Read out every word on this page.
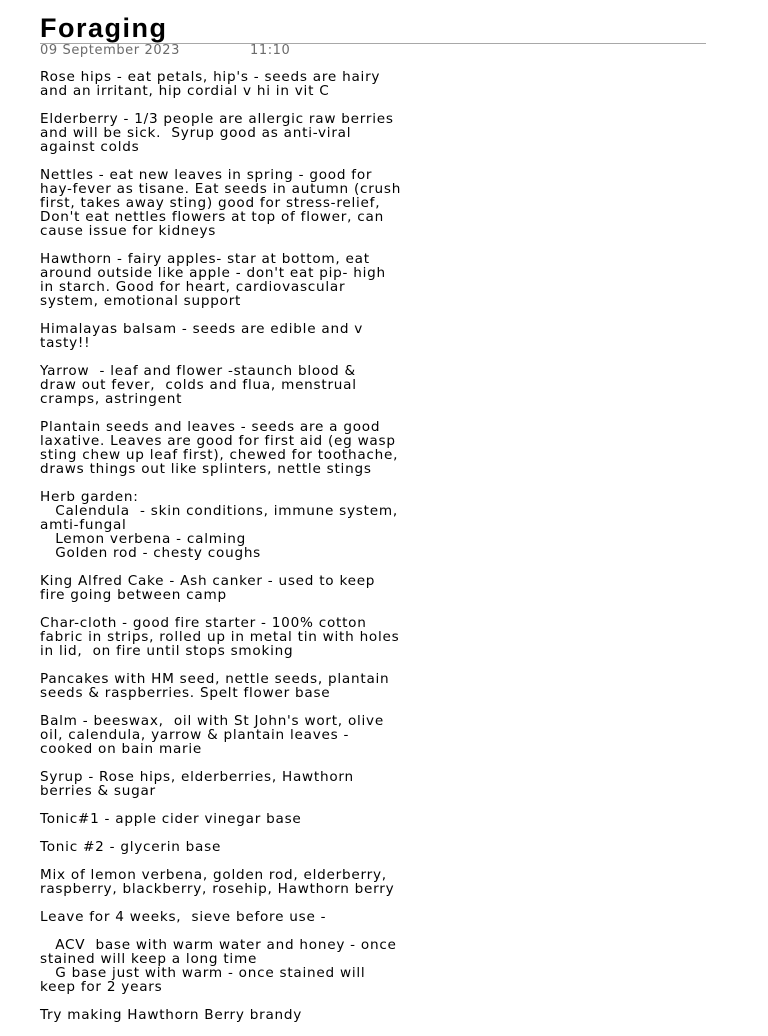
Foraging
09 September 2023	11:10
Rose hips - eat petals, hip's - seeds are hairy
and an irritant, hip cordial v hi in vit C
Elderberry - 1/3 people are allergic raw berries
and will be sick.  Syrup good as anti-viral
against colds
Nettles - eat new leaves in spring - good for
hay-fever as tisane. Eat seeds in autumn (crush
first, takes away sting) good for stress-relief,
Don't eat nettles flowers at top of flower, can
cause issue for kidneys
Hawthorn - fairy apples- star at bottom, eat
around outside like apple - don't eat pip- high
in starch. Good for heart, cardiovascular
system, emotional support
Himalayas balsam - seeds are edible and v
tasty!!
Yarrow  - leaf and flower -staunch blood &
draw out fever,  colds and flua, menstrual
cramps, astringent
Plantain seeds and leaves - seeds are a good
laxative. Leaves are good for first aid (eg wasp
sting chew up leaf first), chewed for toothache,
draws things out like splinters, nettle stings
Herb garden:
Calendula  - skin conditions, immune system,
amti-fungal
Lemon verbena - calming
Golden rod - chesty coughs
King Alfred Cake - Ash canker - used to keep
fire going between camp
Char-cloth - good fire starter - 100% cotton
fabric in strips, rolled up in metal tin with holes
in lid,  on fire until stops smoking
Pancakes with HM seed, nettle seeds, plantain
seeds & raspberries. Spelt flower base
Balm - beeswax,  oil with St John's wort, olive
oil, calendula, yarrow & plantain leaves -
cooked on bain marie
Syrup - Rose hips, elderberries, Hawthorn
berries & sugar
Tonic#1 - apple cider vinegar base
Tonic #2 - glycerin base
Mix of lemon verbena, golden rod, elderberry,
raspberry, blackberry, rosehip, Hawthorn berry
Leave for 4 weeks,  sieve before use -
ACV  base with warm water and honey - once
stained will keep a long time
G base just with warm - once stained will
keep for 2 years
Try making Hawthorn Berry brandy
